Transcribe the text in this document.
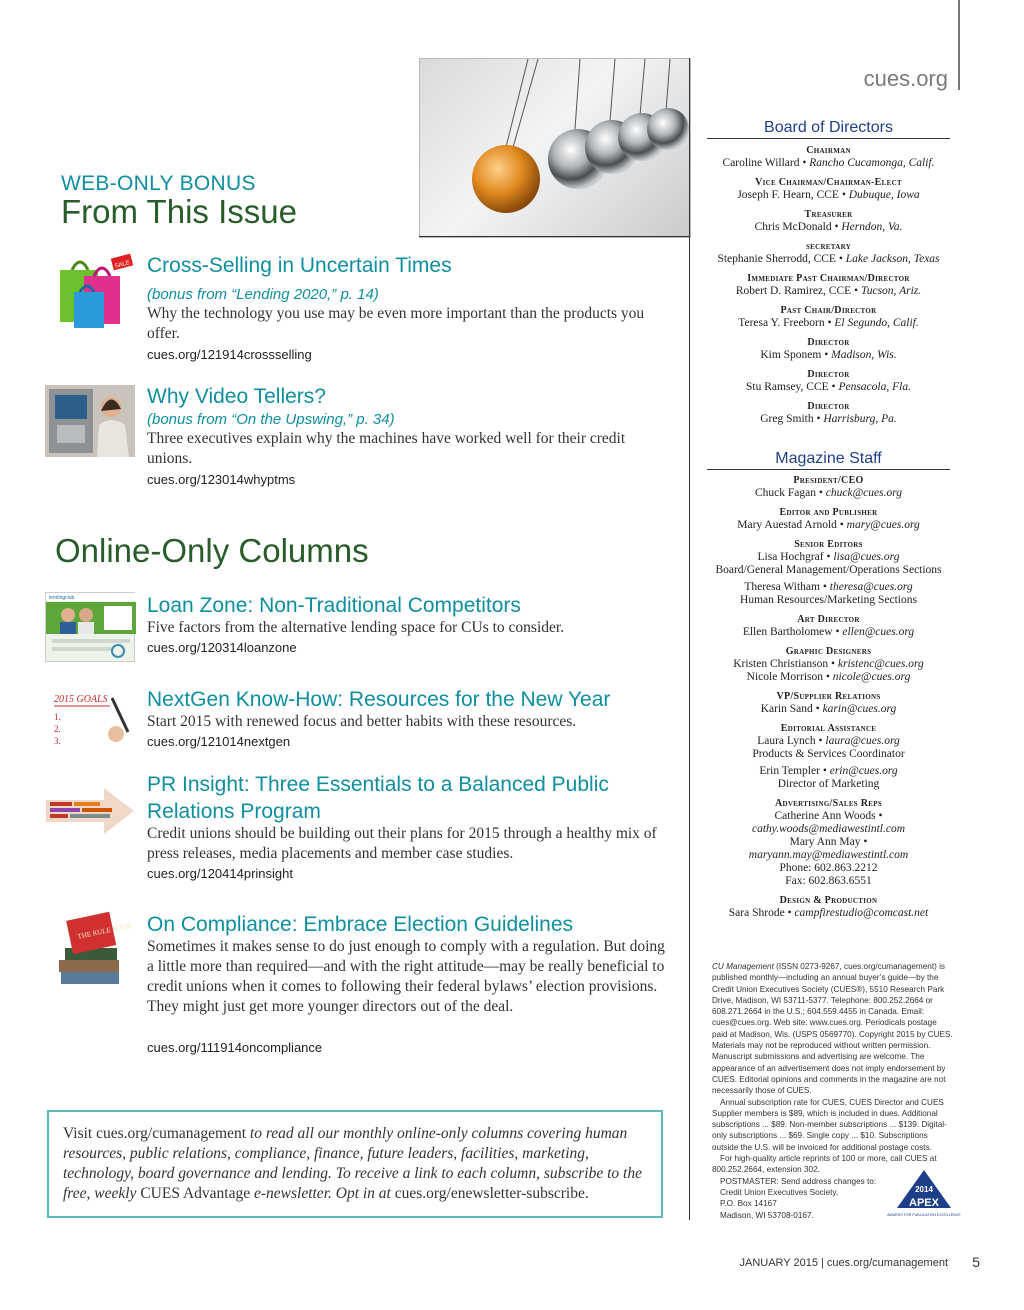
cues.org
WEB-ONLY BONUS
From This Issue
SALE Cross-Selling in Uncertain Times
(bonus from “Lending 2020,” p. 14)
Why the technology you use may be even more important than the products you offer.
cues.org/121914crossselling
Why Video Tellers?
(bonus from “On the Upswing,” p. 34)
Three executives explain why the machines have worked well for their credit unions.
cues.org/123014whyptms
Online-Only Columns
lendingclub	Loan Zone: Non-Traditional Competitors
Five factors from the alternative lending space for CUs to consider.
cues.org/120314loanzone
2015 GOALS
1.
2.
3.
NextGen Know-How: Resources for the New Year
Start 2015 with renewed focus and better habits with these resources.
cues.org/121014nextgen
PR Insight: Three Essentials to a Balanced Public Relations Program
Credit unions should be building out their plans for 2015 through a healthy mix of press releases, media placements and member case studies.
cues.org/120414prinsight
THE RULE BOOK On Compliance: Embrace Election Guidelines
Sometimes it makes sense to do just enough to comply with a regulation. But doing a little more than required—and with the right attitude—may be really beneficial to credit unions when it comes to following their federal bylaws’ election provisions. They might just get more younger directors out of the deal.
cues.org/111914oncompliance
Visit cues.org/cumanagement to read all our monthly online-only columns covering human resources, public relations, compliance, finance, future leaders, facilities, marketing, technology, board governance and lending. To receive a link to each column, subscribe to the free, weekly CUES Advantage e-newsletter. Opt in at cues.org/enewsletter-subscribe.
Board of Directors
Chairman
Caroline Willard • Rancho Cucamonga, Calif.
Vice Chairman/Chairman-Elect
Joseph F. Hearn, CCE • Dubuque, Iowa
Treasurer
Chris McDonald • Herndon, Va.
secretary
Stephanie Sherrodd, CCE • Lake Jackson, Texas
Immediate Past Chairman/Director
Robert D. Ramirez, CCE • Tucson, Ariz.
Past Chair/Director
Teresa Y. Freeborn • El Segundo, Calif.
Director
Kim Sponem • Madison, Wis.
Director
Stu Ramsey, CCE • Pensacola, Fla.
Director
Greg Smith • Harrisburg, Pa.
Magazine Staff
President/CEO
Chuck Fagan • chuck@cues.org
Editor and Publisher
Mary Auestad Arnold • mary@cues.org
Senior Editors
Lisa Hochgraf • lisa@cues.org
Board/General Management/Operations Sections
Theresa Witham • theresa@cues.org
Human Resources/Marketing Sections
Art Director
Ellen Bartholomew • ellen@cues.org
Graphic Designers
Kristen Christianson • kristenc@cues.org
Nicole Morrison • nicole@cues.org
VP/Supplier Relations
Karin Sand • karin@cues.org
Editorial Assistance
Laura Lynch • laura@cues.org
Products & Services Coordinator
Erin Templer • erin@cues.org
Director of Marketing
Advertising/Sales Reps
Catherine Ann Woods •
cathy.woods@mediawestintl.com
Mary Ann May •
maryann.may@mediawestintl.com
Phone: 602.863.2212
Fax: 602.863.6551
Design & Production
Sara Shrode • campfirestudio@comcast.net
CU Management (ISSN 0273-9267, cues.org/cumanagement) is published monthly—including an annual buyer’s guide—by the Credit Union Executives Society (CUES®), 5510 Research Park Drive, Madison, WI 53711-5377. Telephone: 800.252.2664 or 608.271.2664 in the U.S.; 604.559.4455 in Canada. Email: cues@cues.org. Web site: www.cues.org. Periodicals postage paid at Madison, Wis. (USPS 0569770). Copyright 2015 by CUES. Materials may not be reproduced without written permission. Manuscript submissions and advertising are welcome. The appearance of an advertisement does not imply endorsement by CUES. Editorial opinions and comments in the magazine are not necessarily those of CUES.
Annual subscription rate for CUES, CUES Director and CUES Supplier members is $89, which is included in dues. Additional subscriptions ... $89. Non-member subscriptions ... $139. Digital-only subscriptions ... $69. Single copy ... $10. Subscriptions outside the U.S. will be invoiced for additional postage costs.
For high-quality article reprints of 100 or more, call CUES at 800.252.2664, extension 302.
POSTMASTER: Send address changes to:
Credit Union Executives Society,
P.O. Box 14167
Madison, WI 53708-0167.
2014
APEX
AWARDS FOR PUBLICATION EXCELLENCE
JANUARY 2015 | cues.org/cumanagement 5
